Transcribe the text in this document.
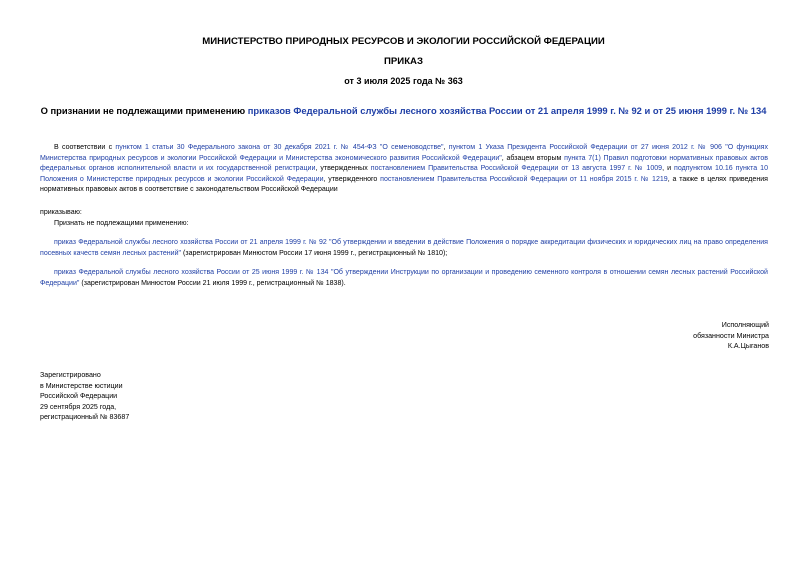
МИНИСТЕРСТВО ПРИРОДНЫХ РЕСУРСОВ И ЭКОЛОГИИ РОССИЙСКОЙ ФЕДЕРАЦИИ
ПРИКАЗ
от 3 июля 2025 года № 363
О признании не подлежащими применению приказов Федеральной службы лесного хозяйства России от 21 апреля 1999 г. № 92 и от 25 июня 1999 г. № 134

В соответствии с пунктом 1 статьи 30 Федерального закона от 30 декабря 2021 г. № 454-ФЗ "О семеноводстве", пунктом 1 Указа Президента Российской Федерации от 27 июня 2012 г. № 906 "О функциях Министерства природных ресурсов и экологии Российской Федерации и Министерства экономического развития Российской Федерации", абзацем вторым пункта 7(1) Правил подготовки нормативных правовых актов федеральных органов исполнительной власти и их государственной регистрации, утвержденных постановлением Правительства Российской Федерации от 13 августа 1997 г. № 1009, и подпунктом 10.16 пункта 10 Положения о Министерстве природных ресурсов и экологии Российской Федерации, утвержденного постановлением Правительства Российской Федерации от 11 ноября 2015 г. № 1219, а также в целях приведения нормативных правовых актов в соответствие с законодательством Российской Федерации

приказываю:

Признать не подлежащими применению:

приказ Федеральной службы лесного хозяйства России от 21 апреля 1999 г. № 92 "Об утверждении и введении в действие Положения о порядке аккредитации физических и юридических лиц на право определения посевных качеств семян лесных растений" (зарегистрирован Минюстом России 17 июня 1999 г., регистрационный № 1810);

приказ Федеральной службы лесного хозяйства России от 25 июня 1999 г. № 134 "Об утверждении Инструкции по организации и проведению семенного контроля в отношении семян лесных растений Российской Федерации" (зарегистрирован Минюстом России 21 июля 1999 г., регистрационный № 1838).

Исполняющий
обязанности Министра
К.А.Цыганов
Зарегистрировано
в Министерстве юстиции
Российской Федерации
29 сентября 2025 года,
регистрационный № 83687
